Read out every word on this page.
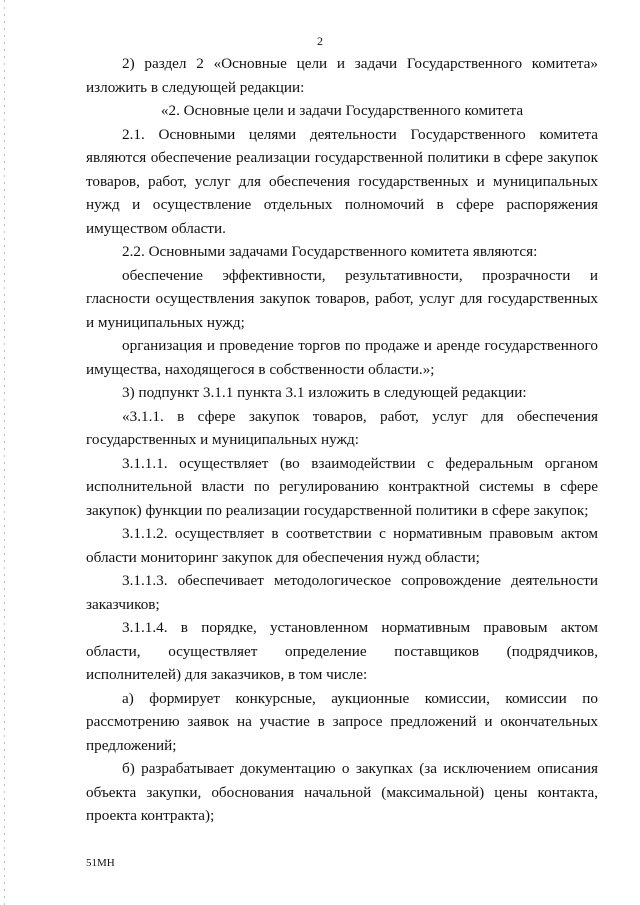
2

2) раздел 2 «Основные цели и задачи Государственного комитета» изложить в следующей редакции:

«2. Основные цели и задачи Государственного комитета

2.1. Основными целями деятельности Государственного комитета являются обеспечение реализации государственной политики в сфере закупок товаров, работ, услуг для обеспечения государственных и муниципальных нужд и осуществление отдельных полномочий в сфере распоряжения имуществом области.

2.2. Основными задачами Государственного комитета являются:

обеспечение эффективности, результативности, прозрачности и гласности осуществления закупок товаров, работ, услуг для государственных и муниципальных нужд;

организация и проведение торгов по продаже и аренде государственного имущества, находящегося в собственности области.»;

3) подпункт 3.1.1 пункта 3.1 изложить в следующей редакции:

«3.1.1. в сфере закупок товаров, работ, услуг для обеспечения государственных и муниципальных нужд:

3.1.1.1. осуществляет (во взаимодействии с федеральным органом исполнительной власти по регулированию контрактной системы в сфере закупок) функции по реализации государственной политики в сфере закупок;

3.1.1.2. осуществляет в соответствии с нормативным правовым актом области мониторинг закупок для обеспечения нужд области;

3.1.1.3. обеспечивает методологическое сопровождение деятельности заказчиков;

3.1.1.4. в порядке, установленном нормативным правовым актом области, осуществляет определение поставщиков (подрядчиков, исполнителей) для заказчиков, в том числе:

а) формирует конкурсные, аукционные комиссии, комиссии по рассмотрению заявок на участие в запросе предложений и окончательных предложений;

б) разрабатывает документацию о закупках (за исключением описания объекта закупки, обоснования начальной (максимальной) цены контакта, проекта контракта);

51МН
